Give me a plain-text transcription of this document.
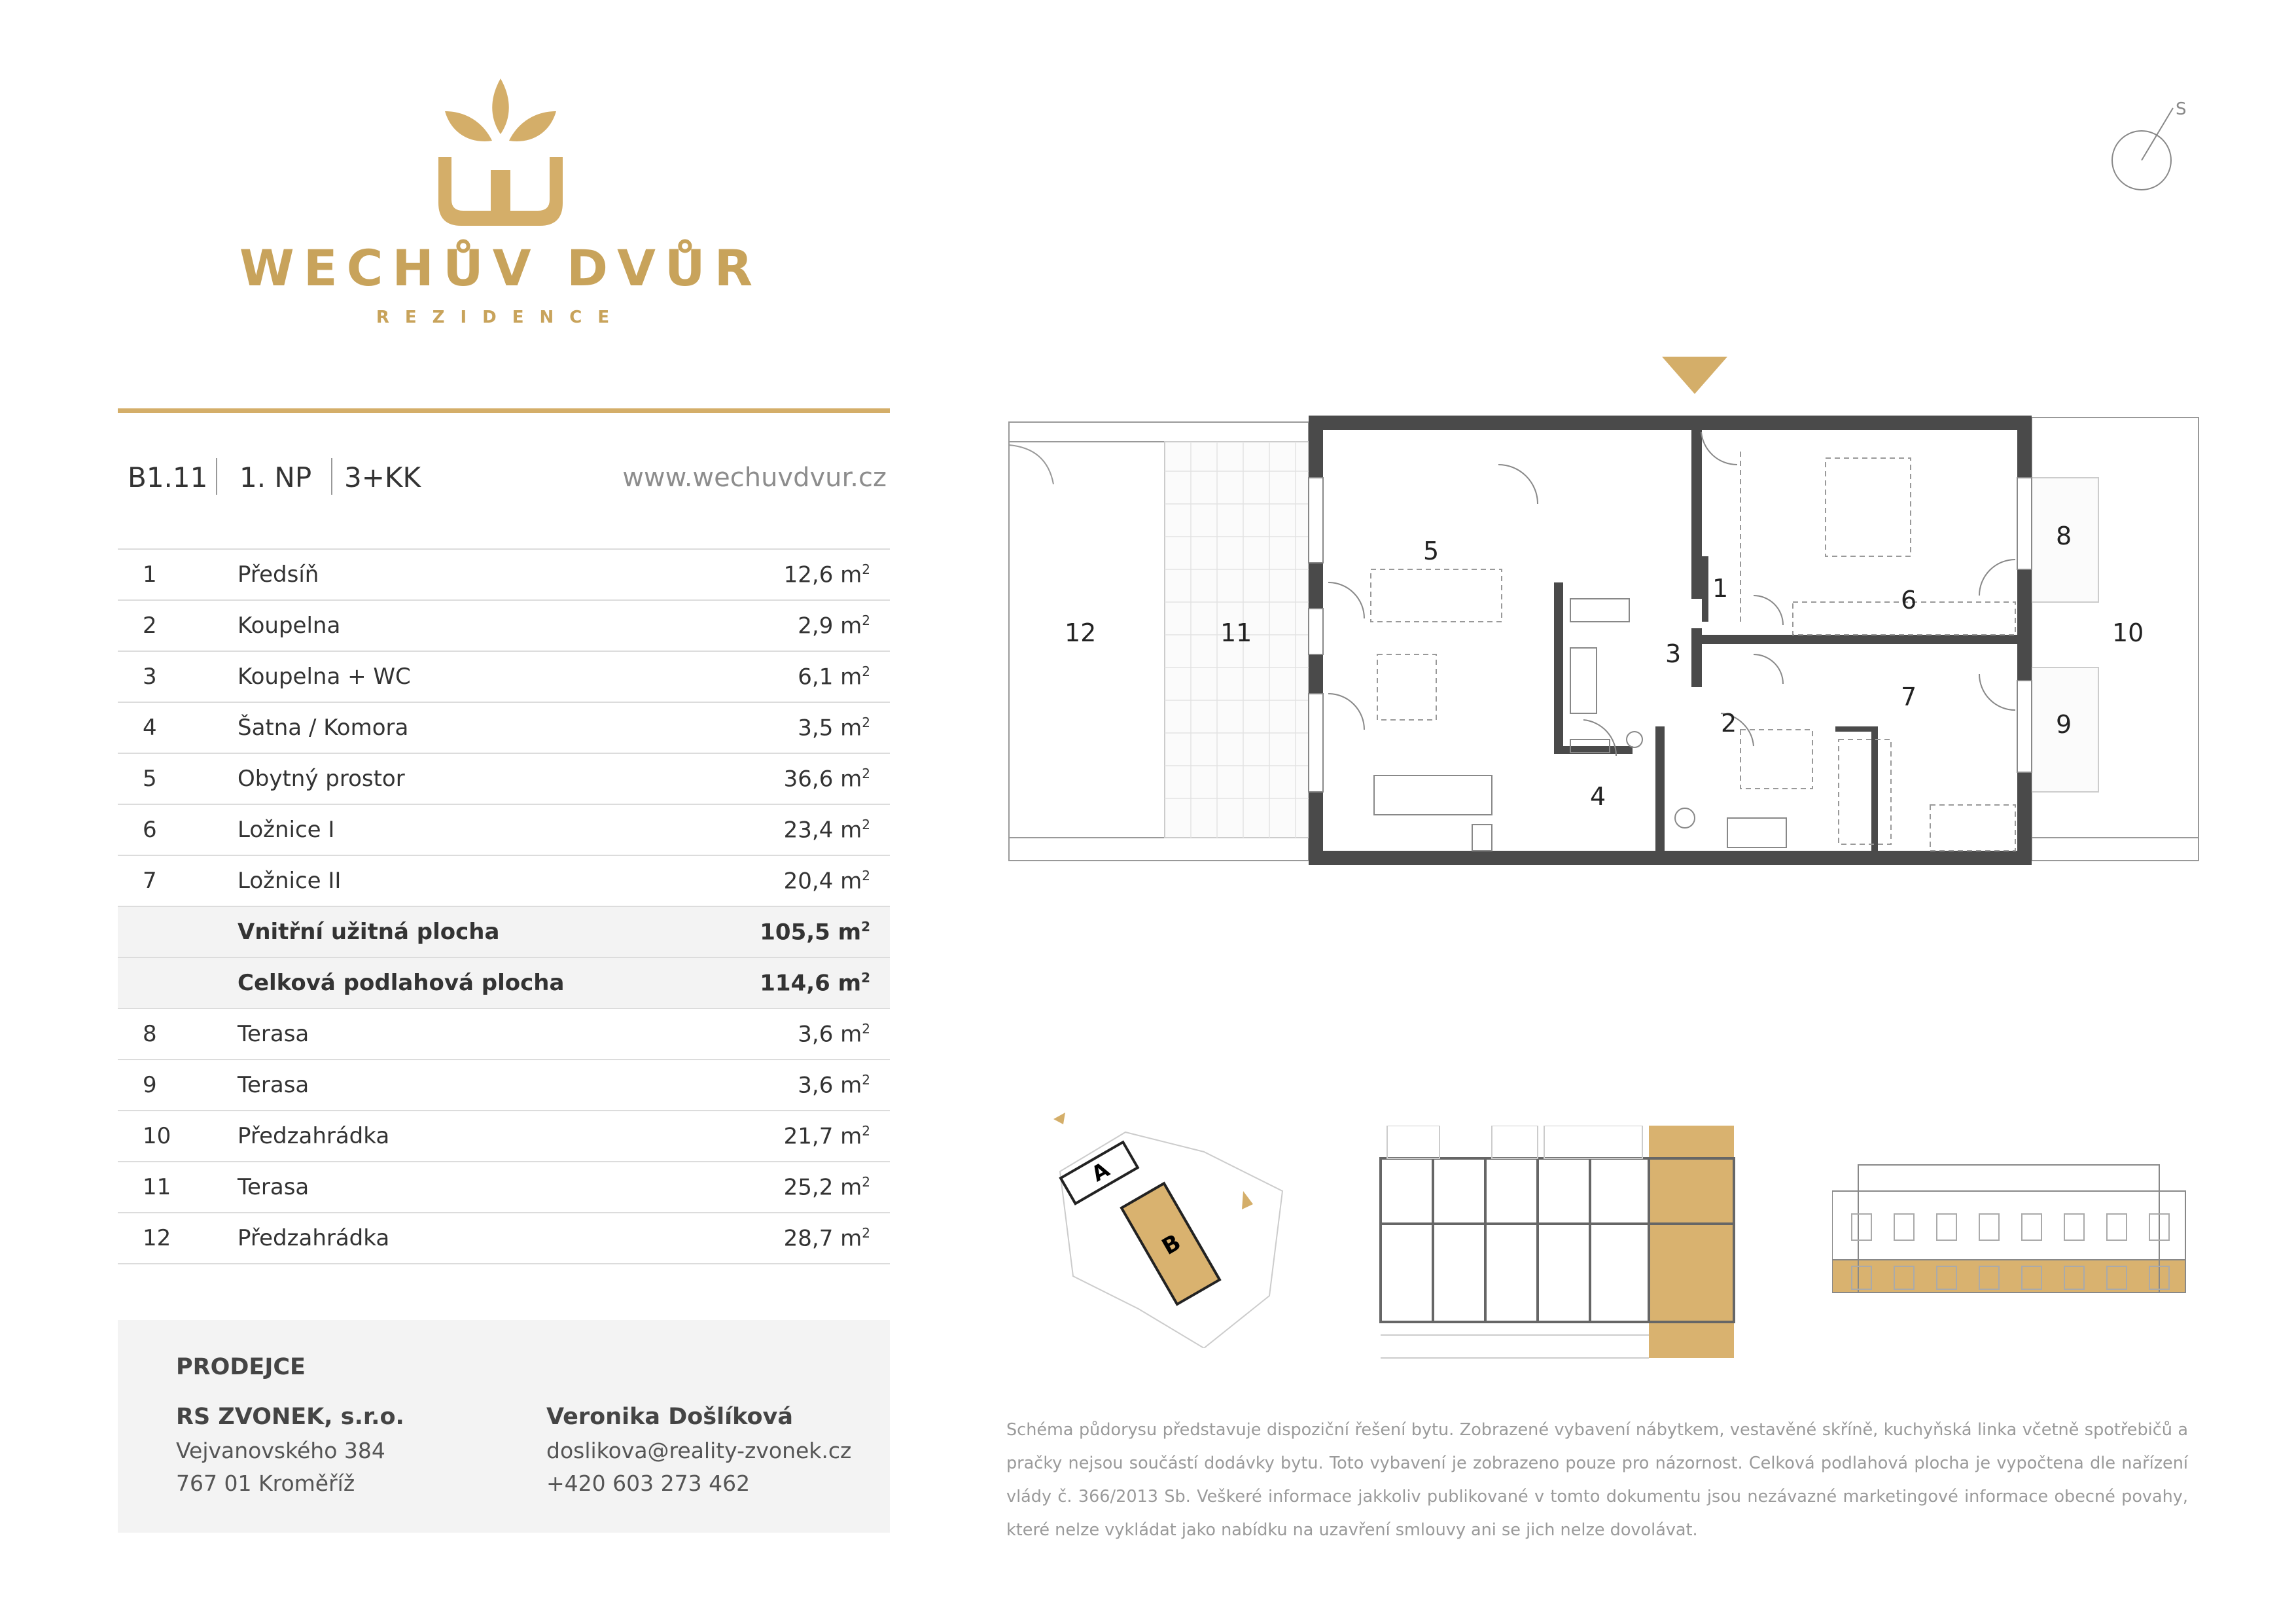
WECHŮV DVŮR
REZIDENCE
B1.11 1. NP 3+KK	www.wechuvdvur.cz
1	Předsíň	12,6 $m^2$
2	Koupelna	2,9 $m^2$
3	Koupelna + WC	6,1 $m^2$
4	Šatna / Komora	3,5 $m^2$
5	Obytný prostor	36,6 $m^2$
6	Ložnice I	23,4 $m^2$
7	Ložnice II	20,4 $m^2$
	Vnitřní užitná plocha	105,5 $m^2$
	Celková podlahová plocha	114,6 $m^2$
8	Terasa	3,6 $m^2$
9	Terasa	3,6 $m^2$
10	Předzahrádka	21,7 $m^2$
11	Terasa	25,2 $m^2$
12	Předzahrádka	28,7 $m^2$
PRODEJCE
RS ZVONEK, s.r.o.
Vejvanovského 384
767 01 Kroměříž
Veronika Došlíková
doslikova@reality-zvonek.cz
+420 603 273 462
Schéma půdorysu představuje dispoziční řešení bytu. Zobrazené vybavení nábytkem, vestavěné skříně, kuchyňská linka včetně spotřebičů a pračky nejsou součástí dodávky bytu. Toto vybavení je zobrazeno pouze pro názornost. Celková podlahová plocha je vypočtena dle nařízení vlády č. 366/2013 Sb. Veškeré informace jakkoliv publikované v tomto dokumentu jsou nezávazné marketingové informace obecné povahy, které nelze vykládat jako nabídku na uzavření smlouvy ani se jich nelze dovolávat.
S
1
2
3
4
5
6
7
8
9
10
11
12
A
B
